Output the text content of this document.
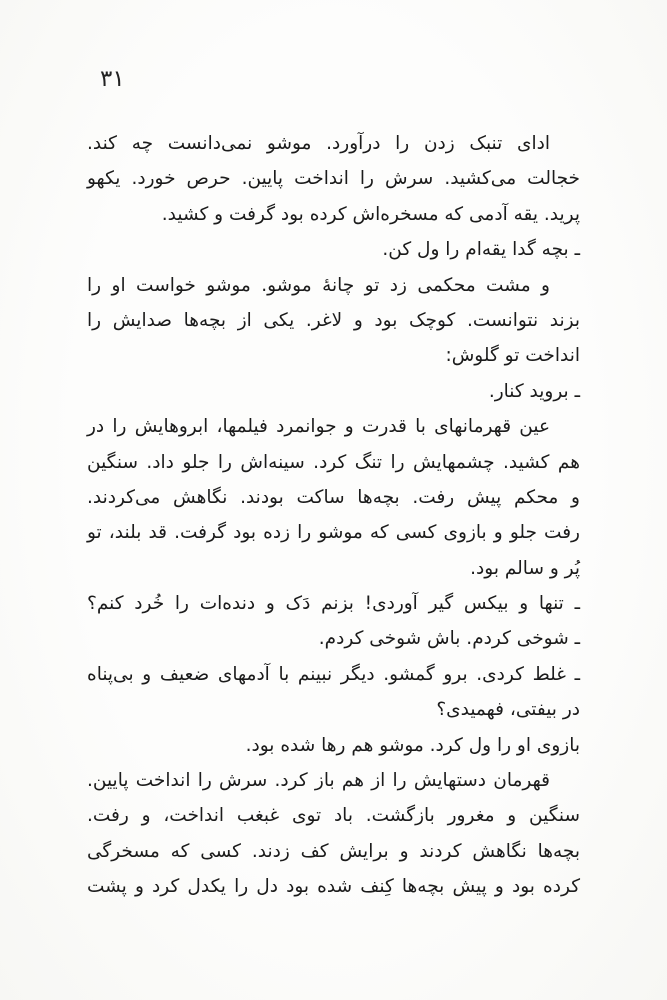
۳۱
ادای تنبک زدن را درآورد. موشو نمی‌دانست چه کند.
خجالت می‌کشید. سرش را انداخت پایین. حرص خورد. یکهو
پرید. یقه آدمی که مسخره‌اش کرده بود گرفت و کشید.
ـ بچه گدا یقه‌ام را ول کن.
و مشت محکمی زد تو چانهٔ موشو. موشو خواست او را
بزند نتوانست. کوچک بود و لاغر. یکی از بچه‌ها صدایش را
انداخت تو گلوش:
ـ بروید کنار.
عین قهرمانهای با قدرت و جوانمرد فیلمها، ابروهایش را در
هم کشید. چشمهایش را تنگ کرد. سینه‌اش را جلو داد. سنگین
و محکم پیش رفت. بچه‌ها ساکت بودند. نگاهش می‌کردند.
رفت جلو و بازوی کسی که موشو را زده بود گرفت. قد بلند، تو
پُر و سالم بود.
ـ تنها و بیکس گیر آوردی! بزنم دَک و دنده‌ات را خُرد کنم؟
ـ شوخی کردم. باش شوخی کردم.
ـ غلط کردی. برو گمشو. دیگر نبینم با آدمهای ضعیف و بی‌پناه
در بیفتی، فهمیدی؟
بازوی او را ول کرد. موشو هم رها شده بود.
قهرمان دستهایش را از هم باز کرد. سرش را انداخت پایین.
سنگین و مغرور بازگشت. باد توی غبغب انداخت، و رفت.
بچه‌ها نگاهش کردند و برایش کف زدند. کسی که مسخرگی
کرده بود و پیش بچه‌ها کِنف شده بود دل را یکدل کرد و پشت
